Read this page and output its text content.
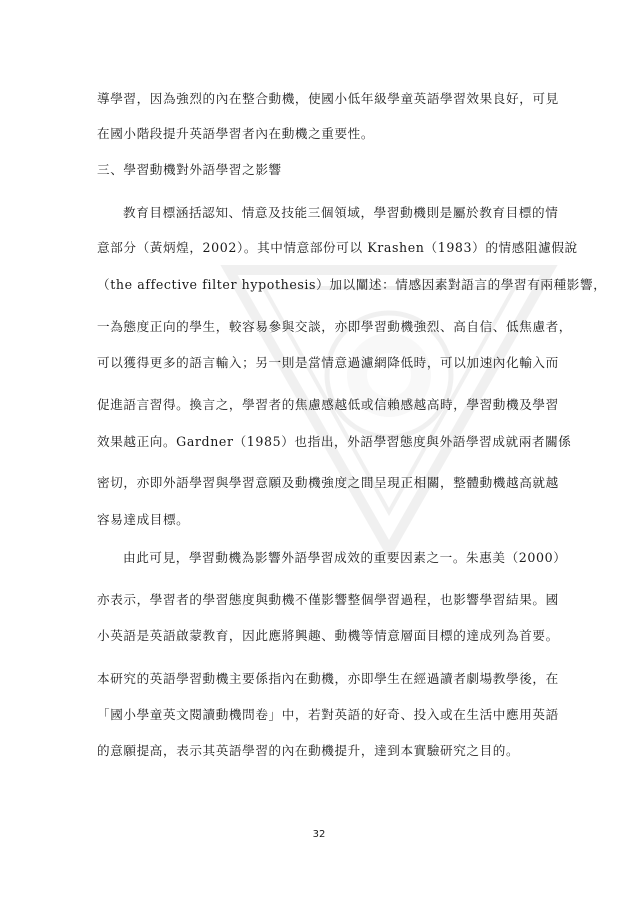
導學習，因為強烈的內在整合動機，使國小低年級學童英語學習效果良好，可見
在國小階段提升英語學習者內在動機之重要性。
三、學習動機對外語學習之影響
教育目標涵括認知、情意及技能三個領域，學習動機則是屬於教育目標的情
意部分（黃炳煌，2002）。其中情意部份可以 Krashen（1983）的情感阻濾假說
（the affective filter hypothesis）加以闡述：情感因素對語言的學習有兩種影響，
一為態度正向的學生，較容易參與交談，亦即學習動機強烈、高自信、低焦慮者，
可以獲得更多的語言輸入；另一則是當情意過濾網降低時，可以加速內化輸入而
促進語言習得。換言之，學習者的焦慮感越低或信賴感越高時，學習動機及學習
效果越正向。Gardner（1985）也指出，外語學習態度與外語學習成就兩者關係
密切，亦即外語學習與學習意願及動機強度之間呈現正相關，整體動機越高就越
容易達成目標。
由此可見，學習動機為影響外語學習成效的重要因素之一。朱惠美（2000）
亦表示，學習者的學習態度與動機不僅影響整個學習過程，也影響學習結果。國
小英語是英語啟蒙教育，因此應將興趣、動機等情意層面目標的達成列為首要。
本研究的英語學習動機主要係指內在動機，亦即學生在經過讀者劇場教學後，在
「國小學童英文閱讀動機問卷」中，若對英語的好奇、投入或在生活中應用英語
的意願提高，表示其英語學習的內在動機提升，達到本實驗研究之目的。
32
